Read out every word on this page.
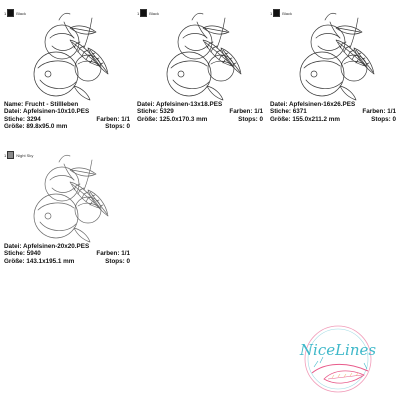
1	Black
Name: Frucht - Stillleben
Datei: Apfelsinen-10x10.PES
Stiche: 3294	Farben: 1/1
Größe: 89.8x95.0 mm	Stops: 0
1	Black
Datei: Apfelsinen-13x18.PES
Stiche: 5329	Farben: 1/1
Größe: 125.0x170.3 mm	Stops: 0
1	Black
Datei: Apfelsinen-16x26.PES
Stiche: 6371	Farben: 1/1
Größe: 155.0x211.2 mm	Stops: 0
1	Night Sky
Datei: Apfelsinen-20x20.PES
Stiche: 5940	Farben: 1/1
Größe: 143.1x195.1 mm	Stops: 0
NiceLines
